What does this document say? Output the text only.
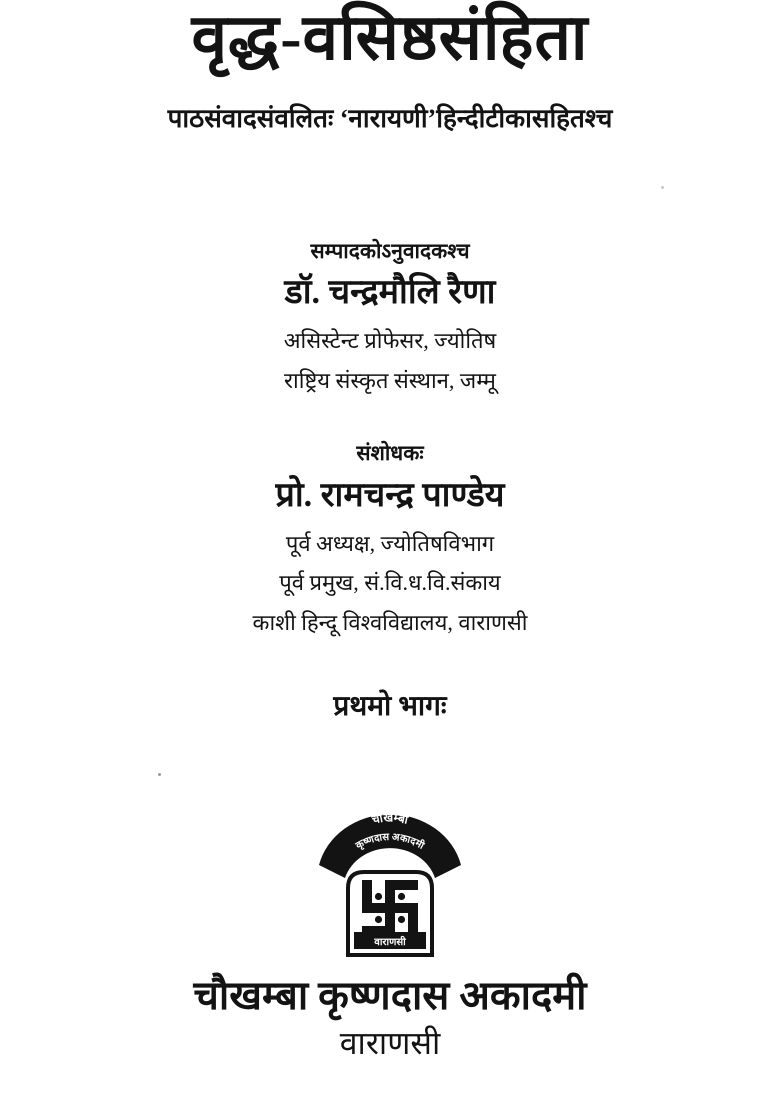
वृद्ध-वसिष्ठसंहिता
पाठसंवादसंवलितः ‘नारायणी’हिन्दीटीकासहितश्च
सम्पादकोऽनुवादकश्च
डॉ. चन्द्रमौलि रैणा
असिस्टेन्ट प्रोफेसर, ज्योतिष
राष्ट्रिय संस्कृत संस्थान, जम्मू
संशोधकः
प्रो. रामचन्द्र पाण्डेय
पूर्व अध्यक्ष, ज्योतिषविभाग
पूर्व प्रमुख, सं.वि.ध.वि.संकाय
काशी हिन्दू विश्वविद्यालय, वाराणसी
प्रथमो भागः
चौखम्बा
कृष्णदास अकादमी
वाराणसी
चौखम्बा कृष्णदास अकादमी
वाराणसी
